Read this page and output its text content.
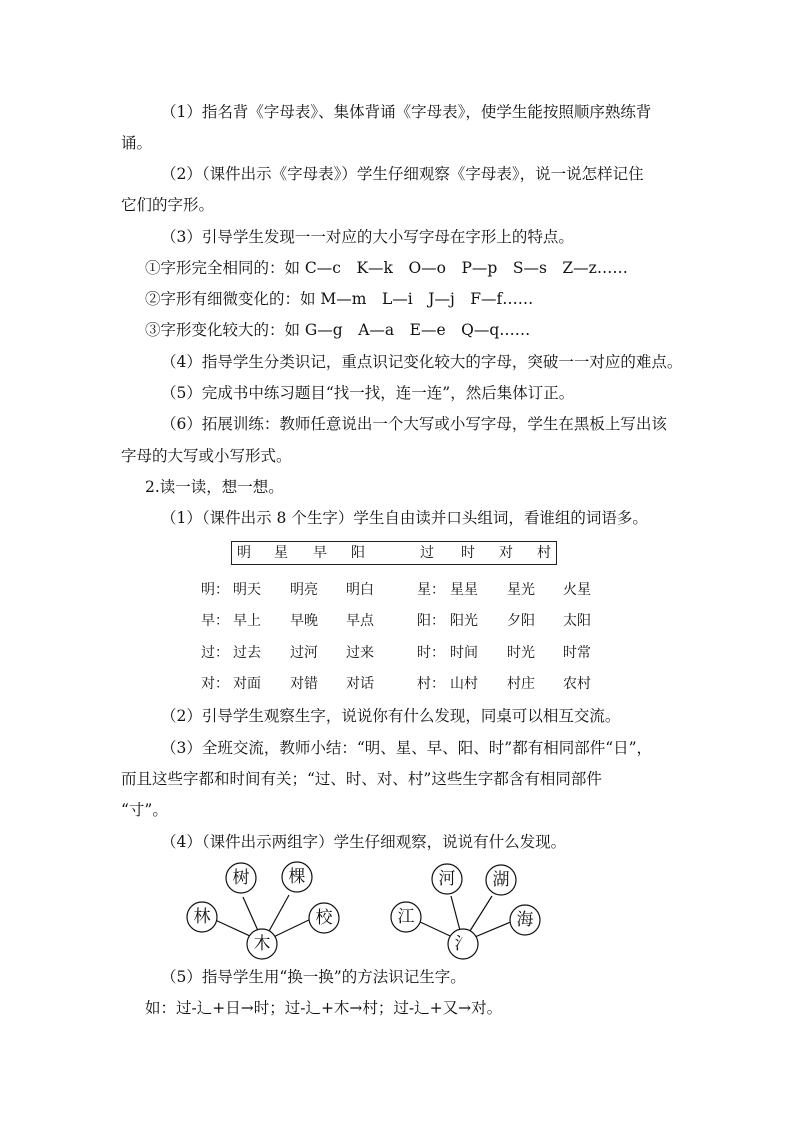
（1）指名背《字母表》、集体背诵《字母表》，使学生能按照顺序熟练背
诵。
（2）（课件出示《字母表》）学生仔细观察《字母表》，说一说怎样记住
它们的字形。
（3）引导学生发现一一对应的大小写字母在字形上的特点。
①字形完全相同的：如 C—c　K—k　O—o　P—p　S—s　Z—z……
②字形有细微变化的：如 M—m　L—i　J—j　F—f……
③字形变化较大的：如 G—g　A—a　E—e　Q—q……
（4）指导学生分类识记，重点识记变化较大的字母，突破一一对应的难点。
（5）完成书中练习题目“找一找，连一连”，然后集体订正。
（6）拓展训练：教师任意说出一个大写或小写字母，学生在黑板上写出该
字母的大写或小写形式。
2.读一读，想一想。
（1）（课件出示 8 个生字）学生自由读并口头组词，看谁组的词语多。
明 星 早 阳	过 时 对 村
明： 明天 明亮 明白	星： 星星 星光 火星
早： 早上 早晚 早点	阳： 阳光 夕阳 太阳
过： 过去 过河 过来	时： 时间 时光 时常
对： 对面 对错 对话	村： 山村 村庄 农村
（2）引导学生观察生字，说说你有什么发现，同桌可以相互交流。
（3）全班交流，教师小结：“明、星、早、阳、时”都有相同部件“日”，
而且这些字都和时间有关；“过、时、对、村”这些生字都含有相同部件
“寸”。
（4）（课件出示两组字）学生仔细观察，说说有什么发现。
林
树 棵
校
木
江
河 湖
海
氵
（5）指导学生用“换一换”的方法识记生字。
如：过-⻌+日→时；过-⻌+木→村；过-⻌+又→对。
